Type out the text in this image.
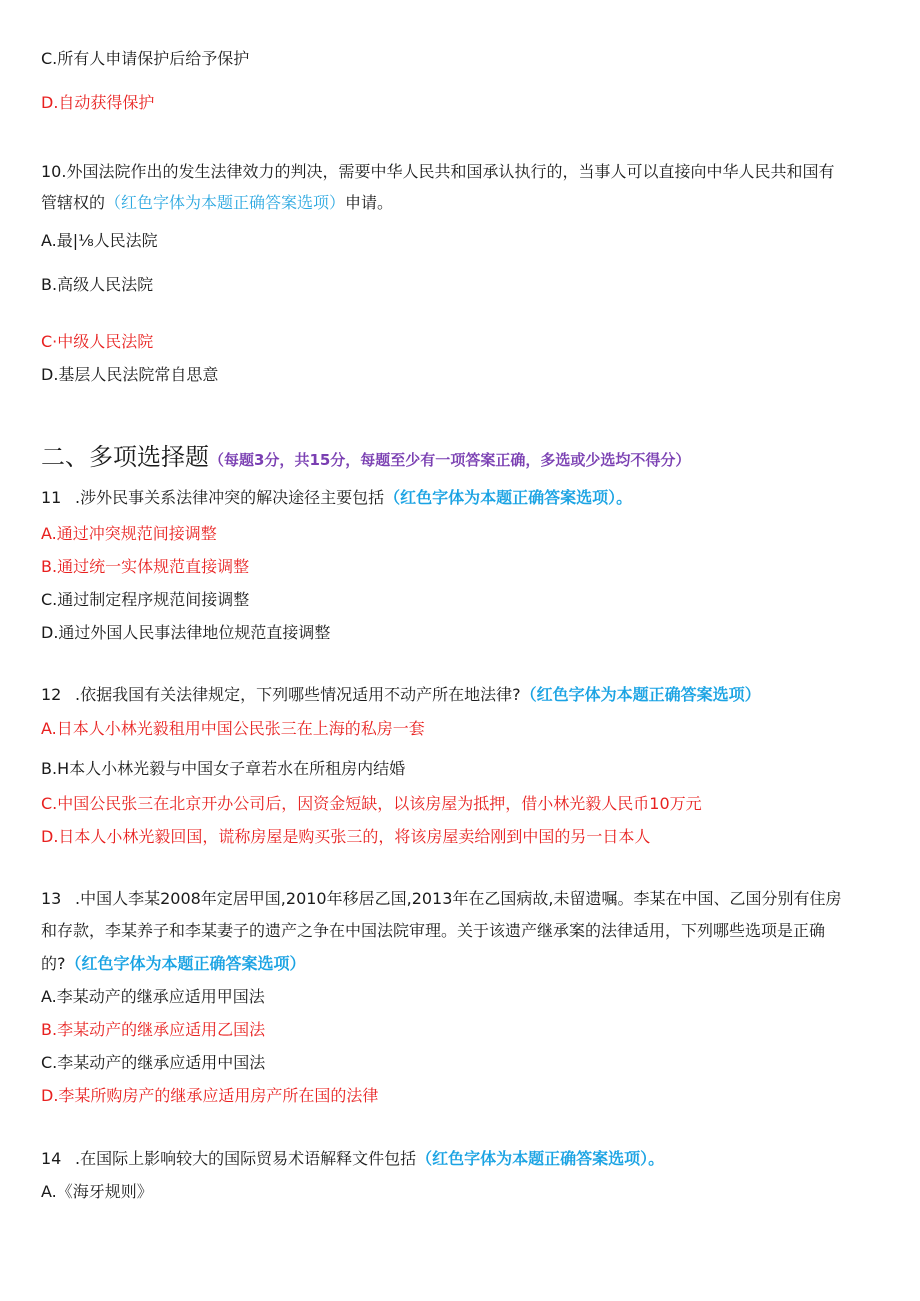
C.所有人申请保护后给予保护
D.自动获得保护
10.外国法院作出的发生法律效力的判决，需要中华人民共和国承认执行的，当事人可以直接向中华人民共和国有
管辖权的（红色字体为本题正确答案选项）申请。
A.最|⅛人民法院
B.高级人民法院
C·中级人民法院
D.基层人民法院常自思意
二、多项选择题（每题3分，共15分，每题至少有一项答案正确，多选或少选均不得分）
11 .涉外民事关系法律冲突的解决途径主要包括（红色字体为本题正确答案选项）。
A.通过冲突规范间接调整
B.通过统一实体规范直接调整
C.通过制定程序规范间接调整
D.通过外国人民事法律地位规范直接调整
12 .依据我国有关法律规定，下列哪些情况适用不动产所在地法律?（红色字体为本题正确答案选项）
A.日本人小林光毅租用中国公民张三在上海的私房一套
B.H本人小林光毅与中国女子章若水在所租房内结婚
C.中国公民张三在北京开办公司后，因资金短缺，以该房屋为抵押，借小林光毅人民币10万元
D.日本人小林光毅回国，谎称房屋是购买张三的，将该房屋卖给刚到中国的另一日本人
13 .中国人李某2008年定居甲国,2010年移居乙国,2013年在乙国病故,未留遗嘱。李某在中国、乙国分别有住房
和存款，李某养子和李某妻子的遗产之争在中国法院审理。关于该遗产继承案的法律适用，下列哪些选项是正确
的?（红色字体为本题正确答案选项）
A.李某动产的继承应适用甲国法
B.李某动产的继承应适用乙国法
C.李某动产的继承应适用中国法
D.李某所购房产的继承应适用房产所在国的法律
14 .在国际上影响较大的国际贸易术语解释文件包括（红色字体为本题正确答案选项）。
A.《海牙规则》
